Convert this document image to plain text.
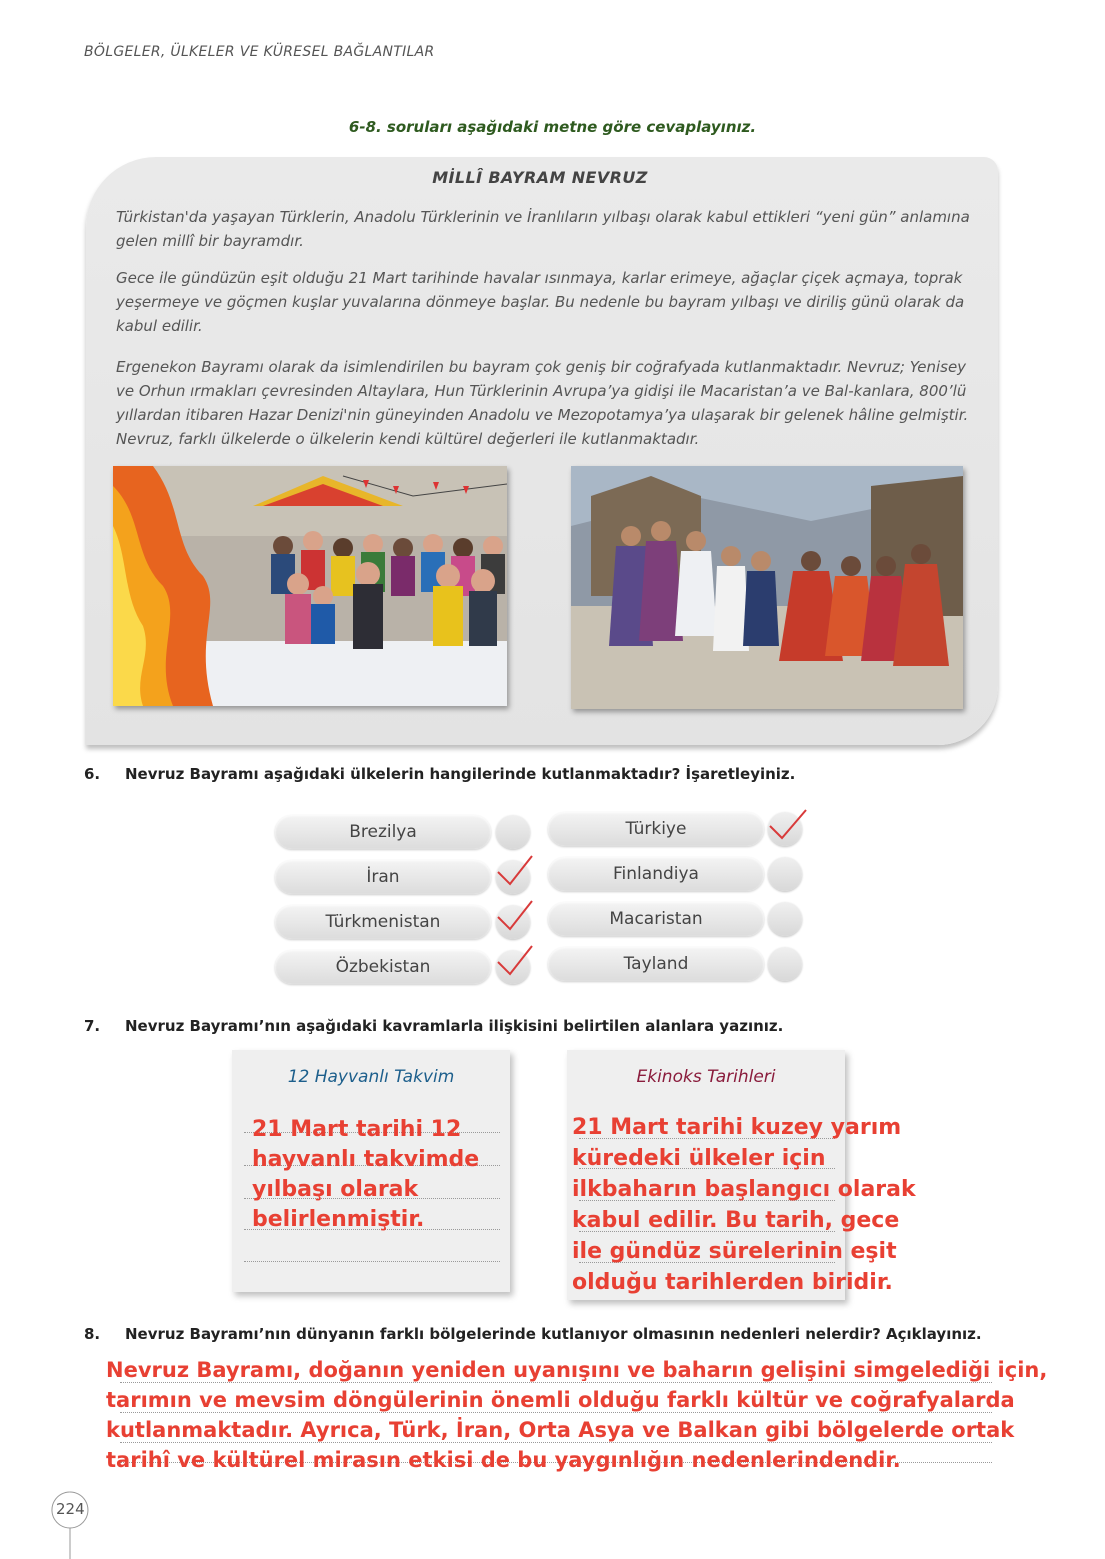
BÖLGELER, ÜLKELER VE KÜRESEL BAĞLANTILAR
6-8. soruları aşağıdaki metne göre cevaplayınız.
MİLLÎ BAYRAM NEVRUZ
Türkistan'da yaşayan Türklerin, Anadolu Türklerinin ve İranlıların yılbaşı olarak kabul ettikleri “yeni gün” anlamına gelen millî bir bayramdır.
Gece ile gündüzün eşit olduğu 21 Mart tarihinde havalar ısınmaya, karlar erimeye, ağaçlar çiçek açmaya, toprak yeşermeye ve göçmen kuşlar yuvalarına dönmeye başlar. Bu nedenle bu bayram yılbaşı ve diriliş günü olarak da kabul edilir.
Ergenekon Bayramı olarak da isimlendirilen bu bayram çok geniş bir coğrafyada kutlanmaktadır. Nevruz; Yenisey ve Orhun ırmakları çevresinden Altaylara, Hun Türklerinin Avrupa’ya gidişi ile Macaristan’a ve Bal-kanlara, 800’lü yıllardan itibaren Hazar Denizi'nin güneyinden Anadolu ve Mezopotamya’ya ulaşarak bir gelenek hâline gelmiştir. Nevruz, farklı ülkelerde o ülkelerin kendi kültürel değerleri ile kutlanmaktadır.
6. Nevruz Bayramı aşağıdaki ülkelerin hangilerinde kutlanmaktadır? İşaretleyiniz.
Brezilya
İran
Türkmenistan
Özbekistan
Türkiye
Finlandiya
Macaristan
Tayland
7. Nevruz Bayramı’nın aşağıdaki kavramlarla ilişkisini belirtilen alanlara yazınız.
12 Hayvanlı Takvim
21 Mart tarihi 12 hayvanlı takvimde yılbaşı olarak belirlenmiştir.
Ekinoks Tarihleri
21 Mart tarihi kuzey yarım küredeki ülkeler için ilkbaharın başlangıcı olarak kabul edilir. Bu tarih, gece ile gündüz sürelerinin eşit olduğu tarihlerden biridir.
8. Nevruz Bayramı’nın dünyanın farklı bölgelerinde kutlanıyor olmasının nedenleri nelerdir? Açıklayınız.
Nevruz Bayramı, doğanın yeniden uyanışını ve baharın gelişini simgelediği için, tarımın ve mevsim döngülerinin önemli olduğu farklı kültür ve coğrafyalarda kutlanmaktadır. Ayrıca, Türk, İran, Orta Asya ve Balkan gibi bölgelerde ortak tarihî ve kültürel mirasın etkisi de bu yaygınlığın nedenlerindendir.
224
